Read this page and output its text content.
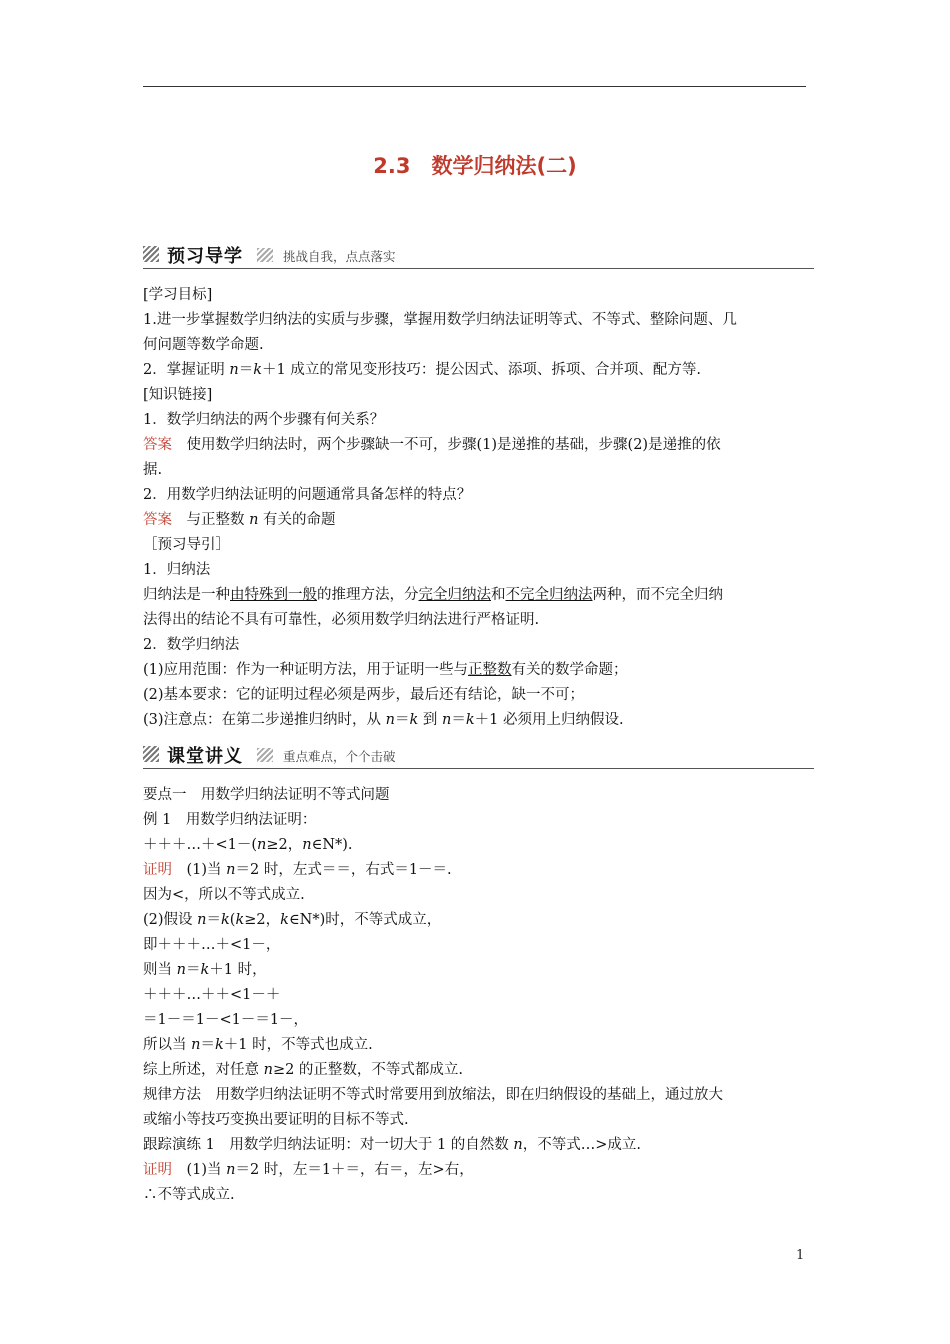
2.3　数学归纳法(二)
预习导学	挑战自我，点点落实
[学习目标]
1.进一步掌握数学归纳法的实质与步骤，掌握用数学归纳法证明等式、不等式、整除问题、几
何问题等数学命题.
2．掌握证明 n＝k＋1 成立的常见变形技巧：提公因式、添项、拆项、合并项、配方等.
[知识链接]
1．数学归纳法的两个步骤有何关系？
答案　使用数学归纳法时，两个步骤缺一不可，步骤(1)是递推的基础，步骤(2)是递推的依
据.
2．用数学归纳法证明的问题通常具备怎样的特点？
答案　与正整数 n 有关的命题
［预习导引］
1．归纳法
归纳法是一种由特殊到一般的推理方法，分完全归纳法和不完全归纳法两种，而不完全归纳
法得出的结论不具有可靠性，必须用数学归纳法进行严格证明.
2．数学归纳法
(1)应用范围：作为一种证明方法，用于证明一些与正整数有关的数学命题；
(2)基本要求：它的证明过程必须是两步，最后还有结论，缺一不可；
(3)注意点：在第二步递推归纳时，从 n＝k 到 n＝k＋1 必须用上归纳假设.
课堂讲义	重点难点，个个击破
要点一　用数学归纳法证明不等式问题
例 1　用数学归纳法证明：
＋＋＋…＋<1－(n≥2，n∈N*).
证明　(1)当 n＝2 时，左式＝＝，右式＝1－＝.
因为<，所以不等式成立.
(2)假设 n＝k(k≥2，k∈N*)时，不等式成立，
即＋＋＋…＋<1－，
则当 n＝k＋1 时，
＋＋＋…＋＋<1－＋
＝1－＝1－<1－＝1－，
所以当 n＝k＋1 时，不等式也成立.
综上所述，对任意 n≥2 的正整数，不等式都成立.
规律方法　用数学归纳法证明不等式时常要用到放缩法，即在归纳假设的基础上，通过放大
或缩小等技巧变换出要证明的目标不等式.
跟踪演练 1　用数学归纳法证明：对一切大于 1 的自然数 n，不等式…>成立.
证明　(1)当 n＝2 时，左＝1＋＝，右＝，左>右，
∴不等式成立.
1
